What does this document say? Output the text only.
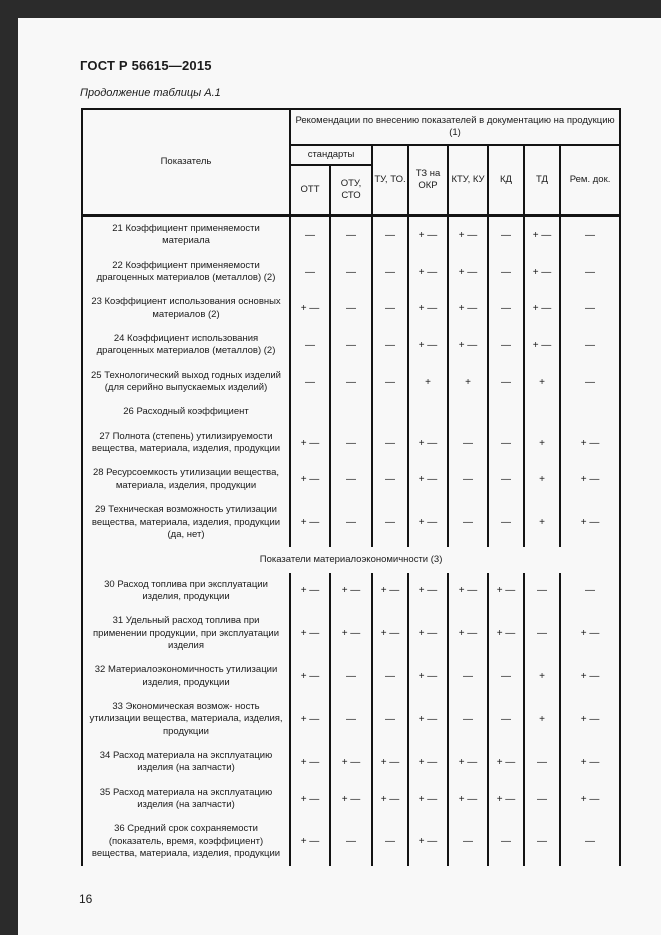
ГОСТ Р 56615—2015
Продолжение таблицы А.1
Показатель	Рекомендации по внесению показателей в документацию на продукцию (1)							
	стандарты		ТУ, ТО.	ТЗ на ОКР	КТУ, КУ	КД	ТД	Рем. док.
	ОТТ	ОТУ, СТО						
21 Коэффициент применяемости материала	—	—	—	+ —	+ —	—	+ —	—
22 Коэффициент применяемости драгоценных материалов (металлов) (2)	—	—	—	+ —	+ —	—	+ —	—
23 Коэффициент использования основных материалов (2)	+ —	—	—	+ —	+ —	—	+ —	—
24 Коэффициент использования драгоценных материалов (металлов) (2)	—	—	—	+ —	+ —	—	+ —	—
25 Технологический выход годных изделий (для серийно выпускаемых изделий)	—	—	—	+	+	—	+	—
26 Расходный коэффициент								
27 Полнота (степень) утилизируемости вещества, материала, изделия, продукции	+ —	—	—	+ —	—	—	+	+ —
28 Ресурсоемкость утилизации вещества, материала, изделия, продукции	+ —	—	—	+ —	—	—	+	+ —
29 Техническая возможность утилизации вещества, материала, изделия, продукции (да, нет)	+ —	—	—	+ —	—	—	+	+ —
Показатели материалоэкономичности (3)								
30 Расход топлива при эксплуатации изделия, продукции	+ —	+ —	+ —	+ —	+ —	+ —	—	—
31 Удельный расход топлива при применении продукции, при эксплуатации изделия	+ —	+ —	+ —	+ —	+ —	+ —	—	+ —
32 Материалоэкономичность утилизации изделия, продукции	+ —	—	—	+ —	—	—	+	+ —
33 Экономическая возмож- ность утилизации вещества, материала, изделия, продукции	+ —	—	—	+ —	—	—	+	+ —
34 Расход материала на эксплуатацию изделия (на запчасти)	+ —	+ —	+ —	+ —	+ —	+ —	—	+ —
35 Расход материала на эксплуатацию изделия (на запчасти)	+ —	+ —	+ —	+ —	+ —	+ —	—	+ —
36 Средний срок сохраняемости (показатель, время, коэффициент) вещества, материала, изделия, продукции	+ —	—	—	+ —	—	—	—	—
16
